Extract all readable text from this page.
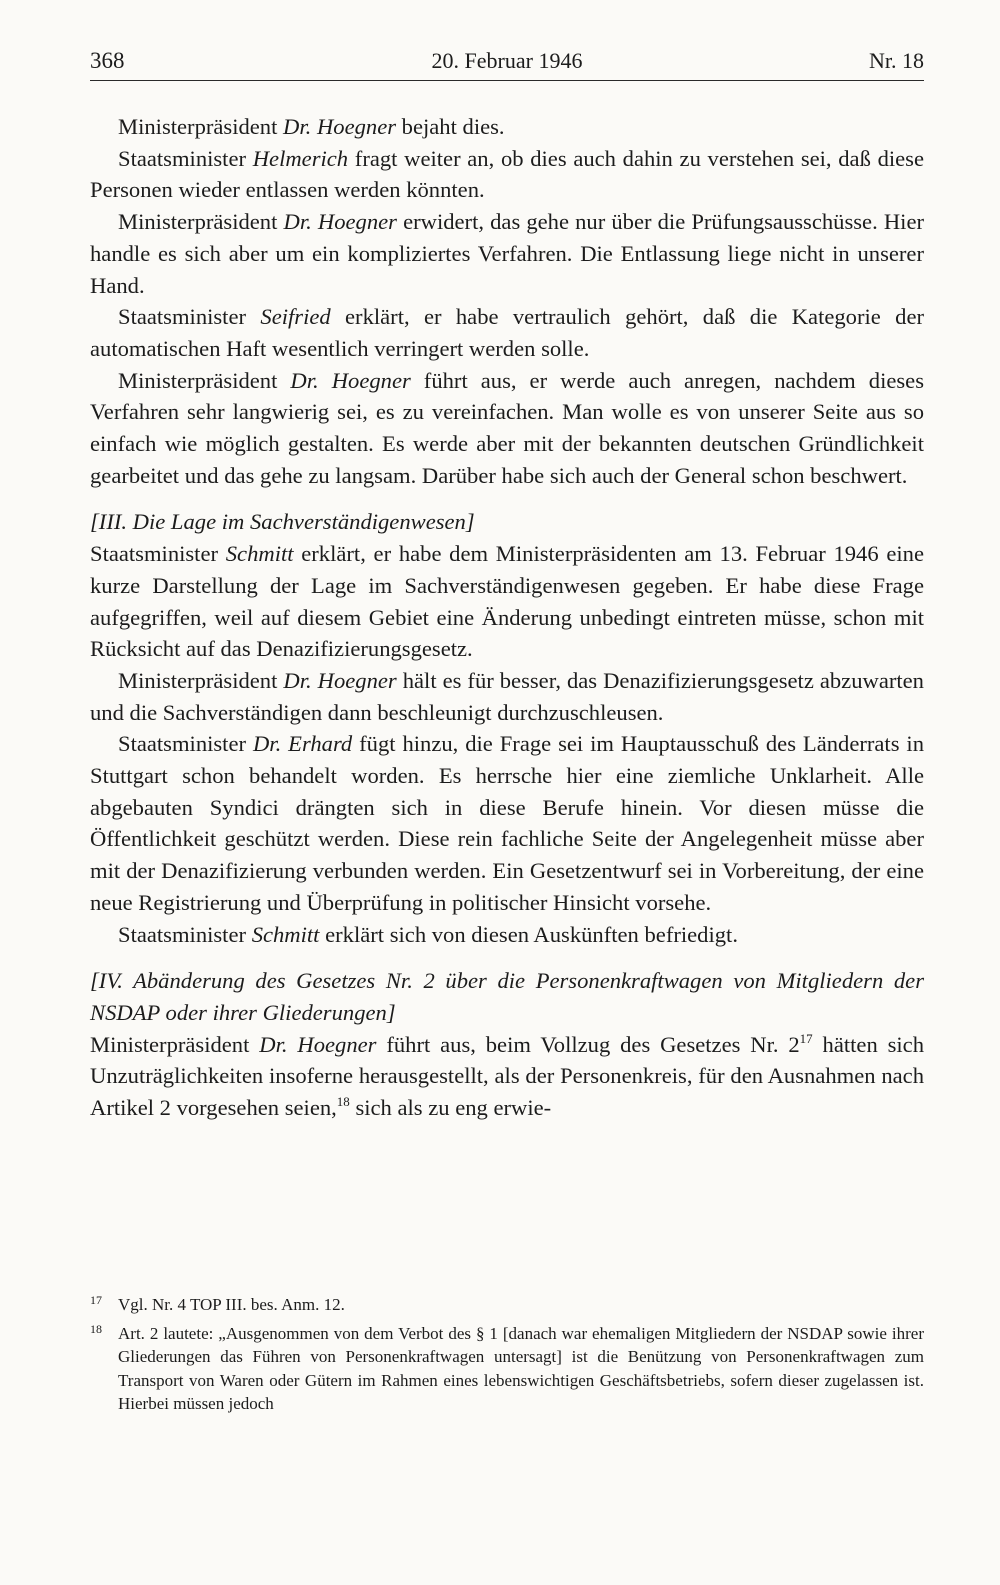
368	20. Februar 1946	Nr. 18

Ministerpräsident Dr. Hoegner bejaht dies.

Staatsminister Helmerich fragt weiter an, ob dies auch dahin zu verstehen sei, daß diese Personen wieder entlassen werden könnten.

Ministerpräsident Dr. Hoegner erwidert, das gehe nur über die Prüfungsausschüsse. Hier handle es sich aber um ein kompliziertes Verfahren. Die Entlassung liege nicht in unserer Hand.

Staatsminister Seifried erklärt, er habe vertraulich gehört, daß die Kategorie der automatischen Haft wesentlich verringert werden solle.

Ministerpräsident Dr. Hoegner führt aus, er werde auch anregen, nachdem dieses Verfahren sehr langwierig sei, es zu vereinfachen. Man wolle es von unserer Seite aus so einfach wie möglich gestalten. Es werde aber mit der bekannten deutschen Gründlichkeit gearbeitet und das gehe zu langsam. Darüber habe sich auch der General schon beschwert.

[III. Die Lage im Sachverständigenwesen]

Staatsminister Schmitt erklärt, er habe dem Ministerpräsidenten am 13. Februar 1946 eine kurze Darstellung der Lage im Sachverständigenwesen gegeben. Er habe diese Frage aufgegriffen, weil auf diesem Gebiet eine Änderung unbedingt eintreten müsse, schon mit Rücksicht auf das Denazifizierungsgesetz.

Ministerpräsident Dr. Hoegner hält es für besser, das Denazifizierungsgesetz abzuwarten und die Sachverständigen dann beschleunigt durchzuschleusen.

Staatsminister Dr. Erhard fügt hinzu, die Frage sei im Hauptausschuß des Länderrats in Stuttgart schon behandelt worden. Es herrsche hier eine ziemliche Unklarheit. Alle abgebauten Syndici drängten sich in diese Berufe hinein. Vor diesen müsse die Öffentlichkeit geschützt werden. Diese rein fachliche Seite der Angelegenheit müsse aber mit der Denazifizierung verbunden werden. Ein Gesetzentwurf sei in Vorbereitung, der eine neue Registrierung und Überprüfung in politischer Hinsicht vorsehe.

Staatsminister Schmitt erklärt sich von diesen Auskünften befriedigt.

[IV. Abänderung des Gesetzes Nr. 2 über die Personenkraftwagen von Mitgliedern der NSDAP oder ihrer Gliederungen]

Ministerpräsident Dr. Hoegner führt aus, beim Vollzug des Gesetzes Nr. $2^{17}$ hätten sich Unzuträglichkeiten insoferne herausgestellt, als der Personenkreis, für den Ausnahmen nach Artikel 2 vorgesehen seien,$^{18}$ sich als zu eng erwie-

17 Vgl. Nr. 4 TOP III. bes. Anm. 12.
18 Art. 2 lautete: „Ausgenommen von dem Verbot des § 1 [danach war ehemaligen Mitgliedern der NSDAP sowie ihrer Gliederungen das Führen von Personenkraftwagen untersagt] ist die Benützung von Personenkraftwagen zum Transport von Waren oder Gütern im Rahmen eines lebenswichtigen Geschäftsbetriebs, sofern dieser zugelassen ist. Hierbei müssen jedoch
